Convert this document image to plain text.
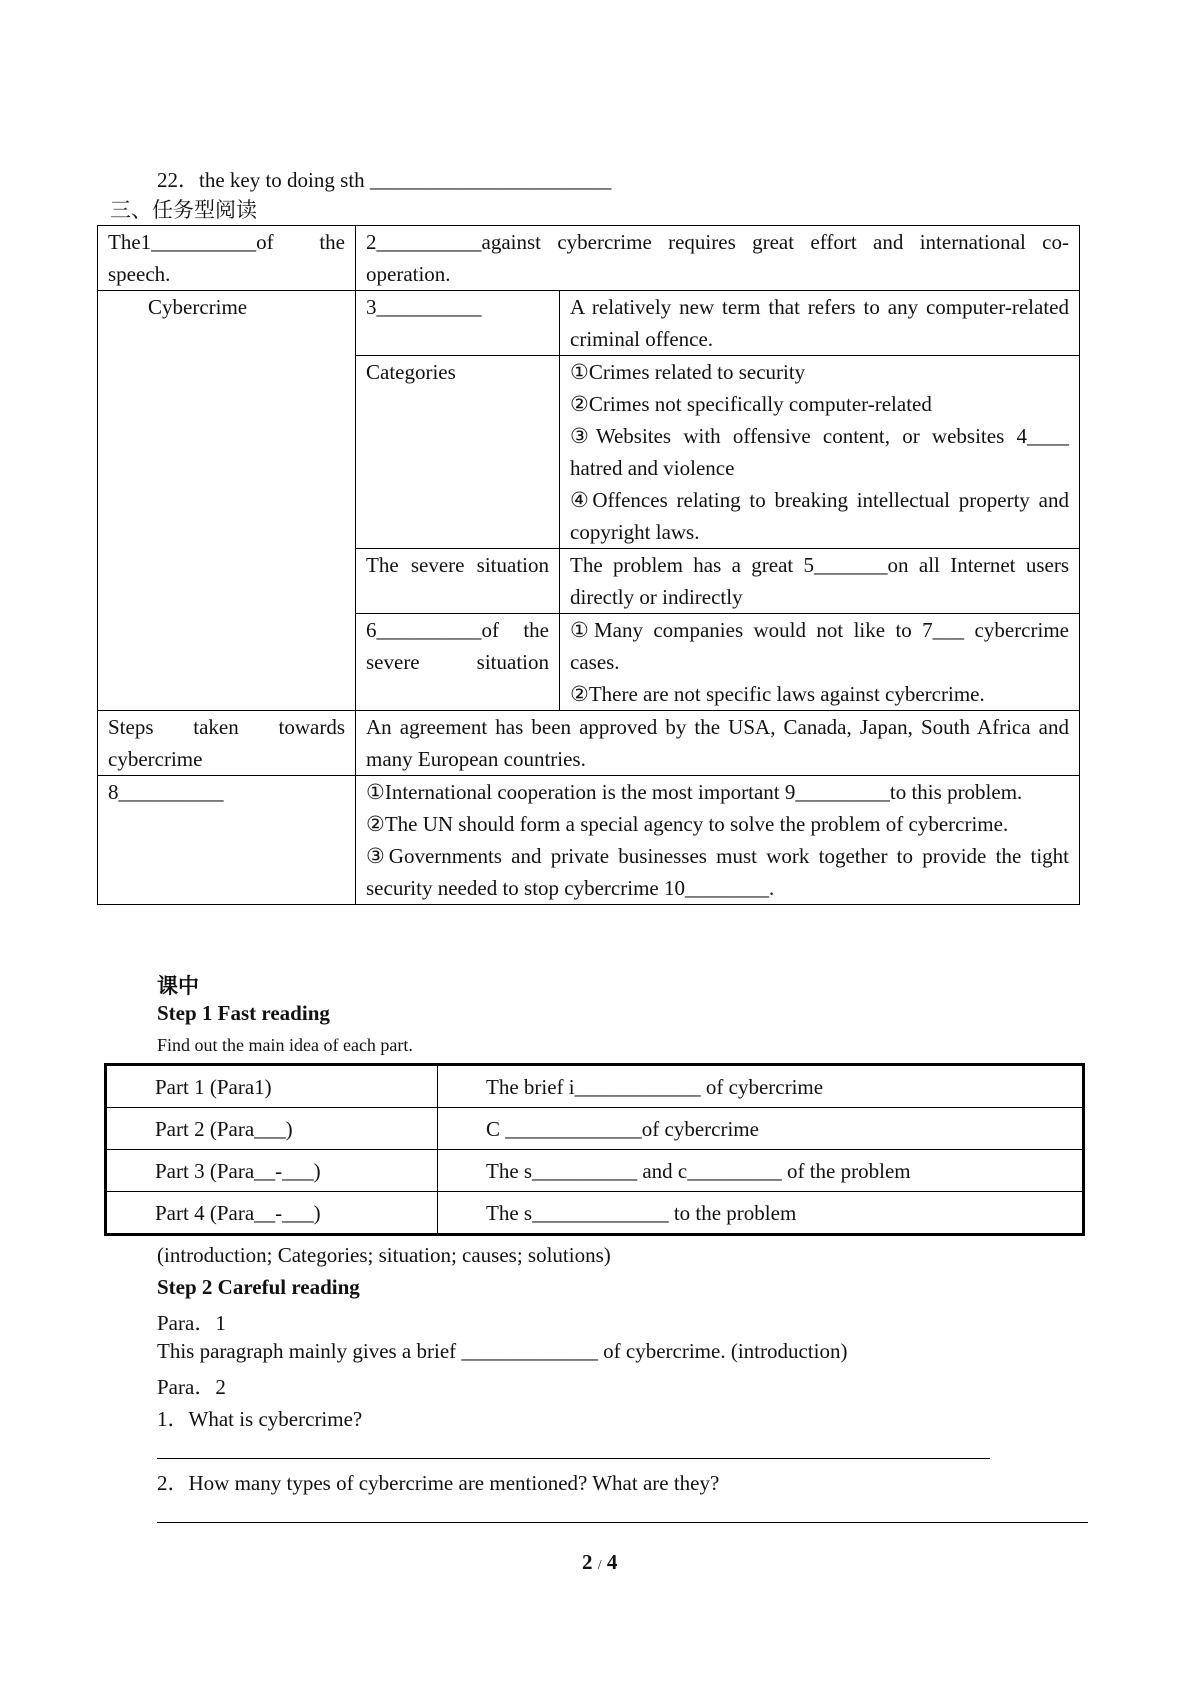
22．the key to doing sth _______________________
三、任务型阅读
The1__________of the speech.	2__________against cybercrime requires great effort and international co-operation.	
Cybercrime	3__________	A relatively new term that refers to any computer-related criminal offence.
	Categories	①Crimes related to security
②Crimes not specifically computer-related
③Websites with offensive content, or websites 4____ hatred and violence
④Offences relating to breaking intellectual property and copyright laws.

	The severe situation	The problem has a great 5_______on all Internet users directly or indirectly
	6__________of the severe situation	①Many companies would not like to 7___ cybercrime cases.
②There are not specific laws against cybercrime.

Steps taken towards cybercrime	An agreement has been approved by the USA, Canada, Japan, South Africa and many European countries.	
8__________	①International cooperation is the most important 9_________to this problem.
②The UN should form a special agency to solve the problem of cybercrime.
③Governments and private businesses must work together to provide the tight security needed to stop cybercrime 10________.	
课中
Step 1 Fast reading
Find out the main idea of each part.
Part 1 (Para1)	The brief i____________ of cybercrime
Part 2 (Para___)	C _____________of cybercrime
Part 3 (Para__-___)	The s__________ and c_________ of the problem
Part 4 (Para__-___)	The s_____________ to the problem
(introduction; Categories; situation; causes; solutions)
Step 2 Careful reading
Para．1
This paragraph mainly gives a brief _____________ of cybercrime. (introduction)
Para．2
1．What is cybercrime?
2．How many types of cybercrime are mentioned? What are they?
2 / 4
